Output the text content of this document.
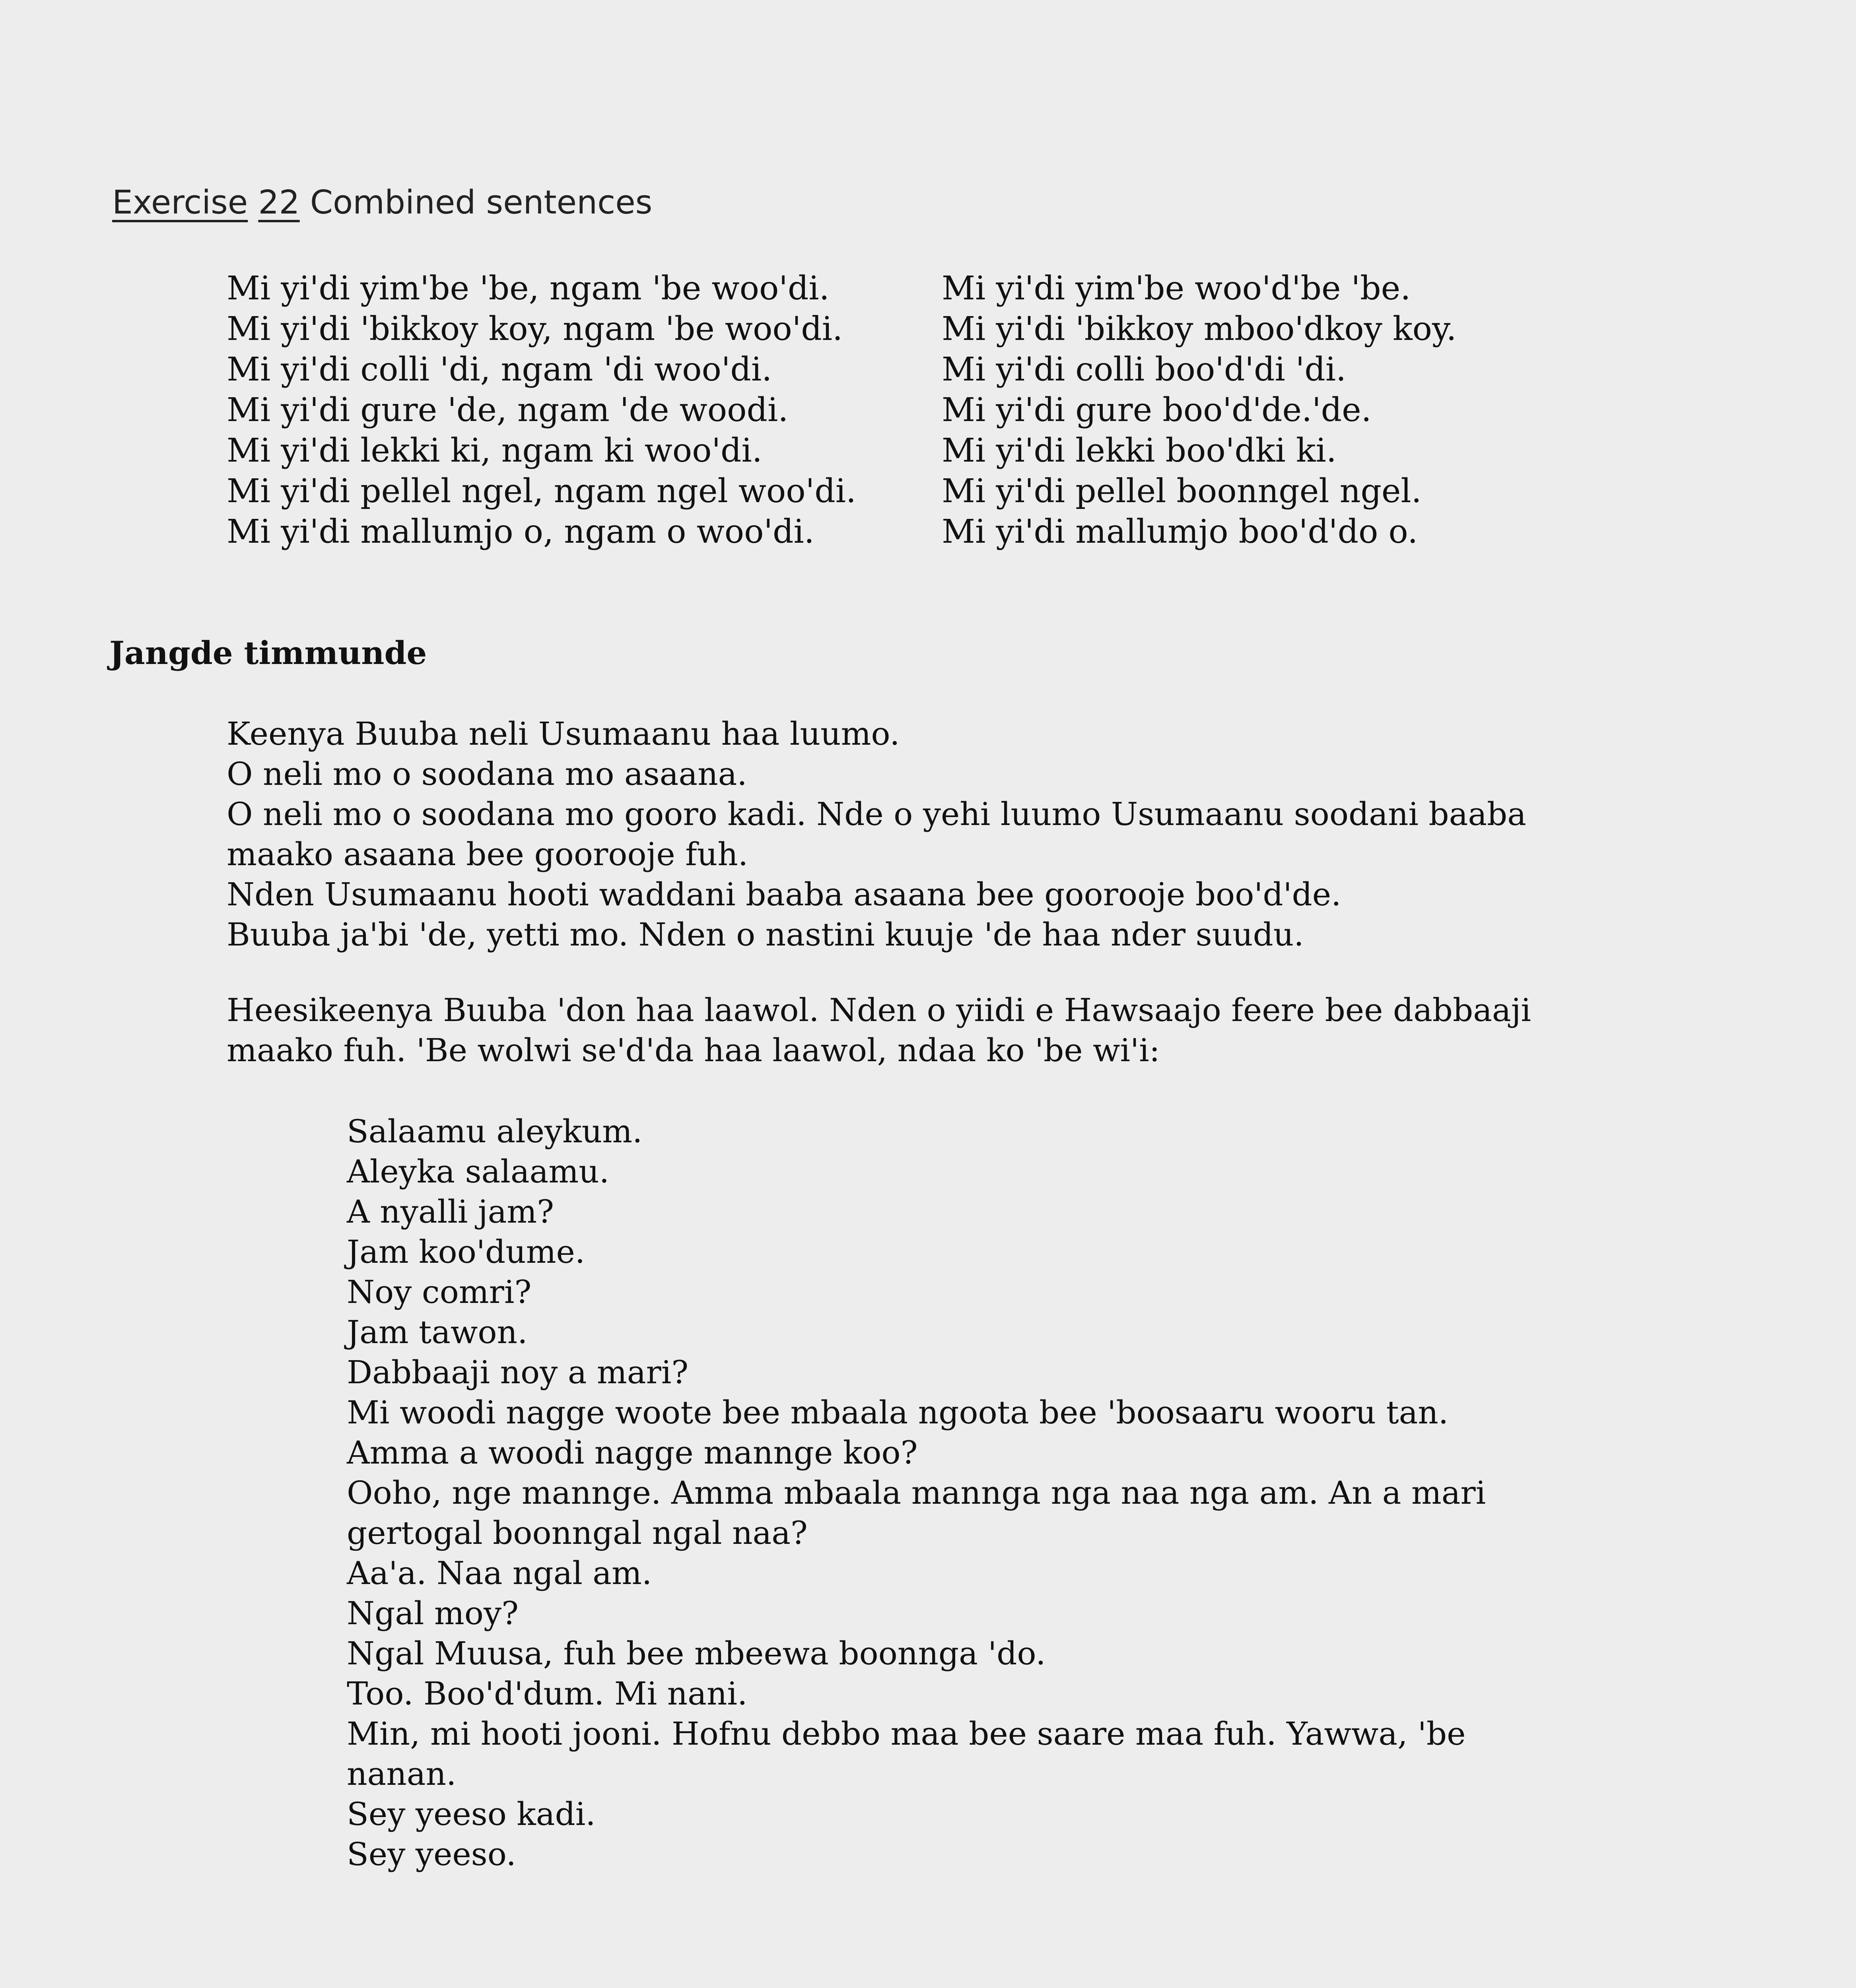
Exercise 22 Combined sentences
Mi yi'di yim'be 'be, ngam 'be woo'di.
Mi yi'di 'bikkoy koy, ngam 'be woo'di.
Mi yi'di colli 'di, ngam 'di woo'di.
Mi yi'di gure 'de, ngam 'de woodi.
Mi yi'di lekki ki, ngam ki woo'di.
Mi yi'di pellel ngel, ngam ngel woo'di.
Mi yi'di mallumjo o, ngam o woo'di.
Mi yi'di yim'be woo'd'be 'be.
Mi yi'di 'bikkoy mboo'dkoy koy.
Mi yi'di colli boo'd'di 'di.
Mi yi'di gure boo'd'de.'de.
Mi yi'di lekki boo'dki ki.
Mi yi'di pellel boonngel ngel.
Mi yi'di mallumjo boo'd'do o.
Jangde timmunde
Keenya Buuba neli Usumaanu haa luumo.
O neli mo o soodana mo asaana.
O neli mo o soodana mo gooro kadi. Nde o yehi luumo Usumaanu soodani baaba
maako asaana bee goorooje fuh.
Nden Usumaanu hooti waddani baaba asaana bee goorooje boo'd'de.
Buuba ja'bi 'de, yetti mo. Nden o nastini kuuje 'de haa nder suudu.
Heesikeenya Buuba 'don haa laawol. Nden o yiidi e Hawsaajo feere bee dabbaaji
maako fuh. 'Be wolwi se'd'da haa laawol, ndaa ko 'be wi'i:
Salaamu aleykum.
Aleyka salaamu.
A nyalli jam?
Jam koo'dume.
Noy comri?
Jam tawon.
Dabbaaji noy a mari?
Mi woodi nagge woote bee mbaala ngoota bee 'boosaaru wooru tan.
Amma a woodi nagge mannge koo?
Ooho, nge mannge. Amma mbaala mannga nga naa nga am. An a mari
gertogal boonngal ngal naa?
Aa'a. Naa ngal am.
Ngal moy?
Ngal Muusa, fuh bee mbeewa boonnga 'do.
Too. Boo'd'dum. Mi nani.
Min, mi hooti jooni. Hofnu debbo maa bee saare maa fuh. Yawwa, 'be
nanan.
Sey yeeso kadi.
Sey yeeso.
